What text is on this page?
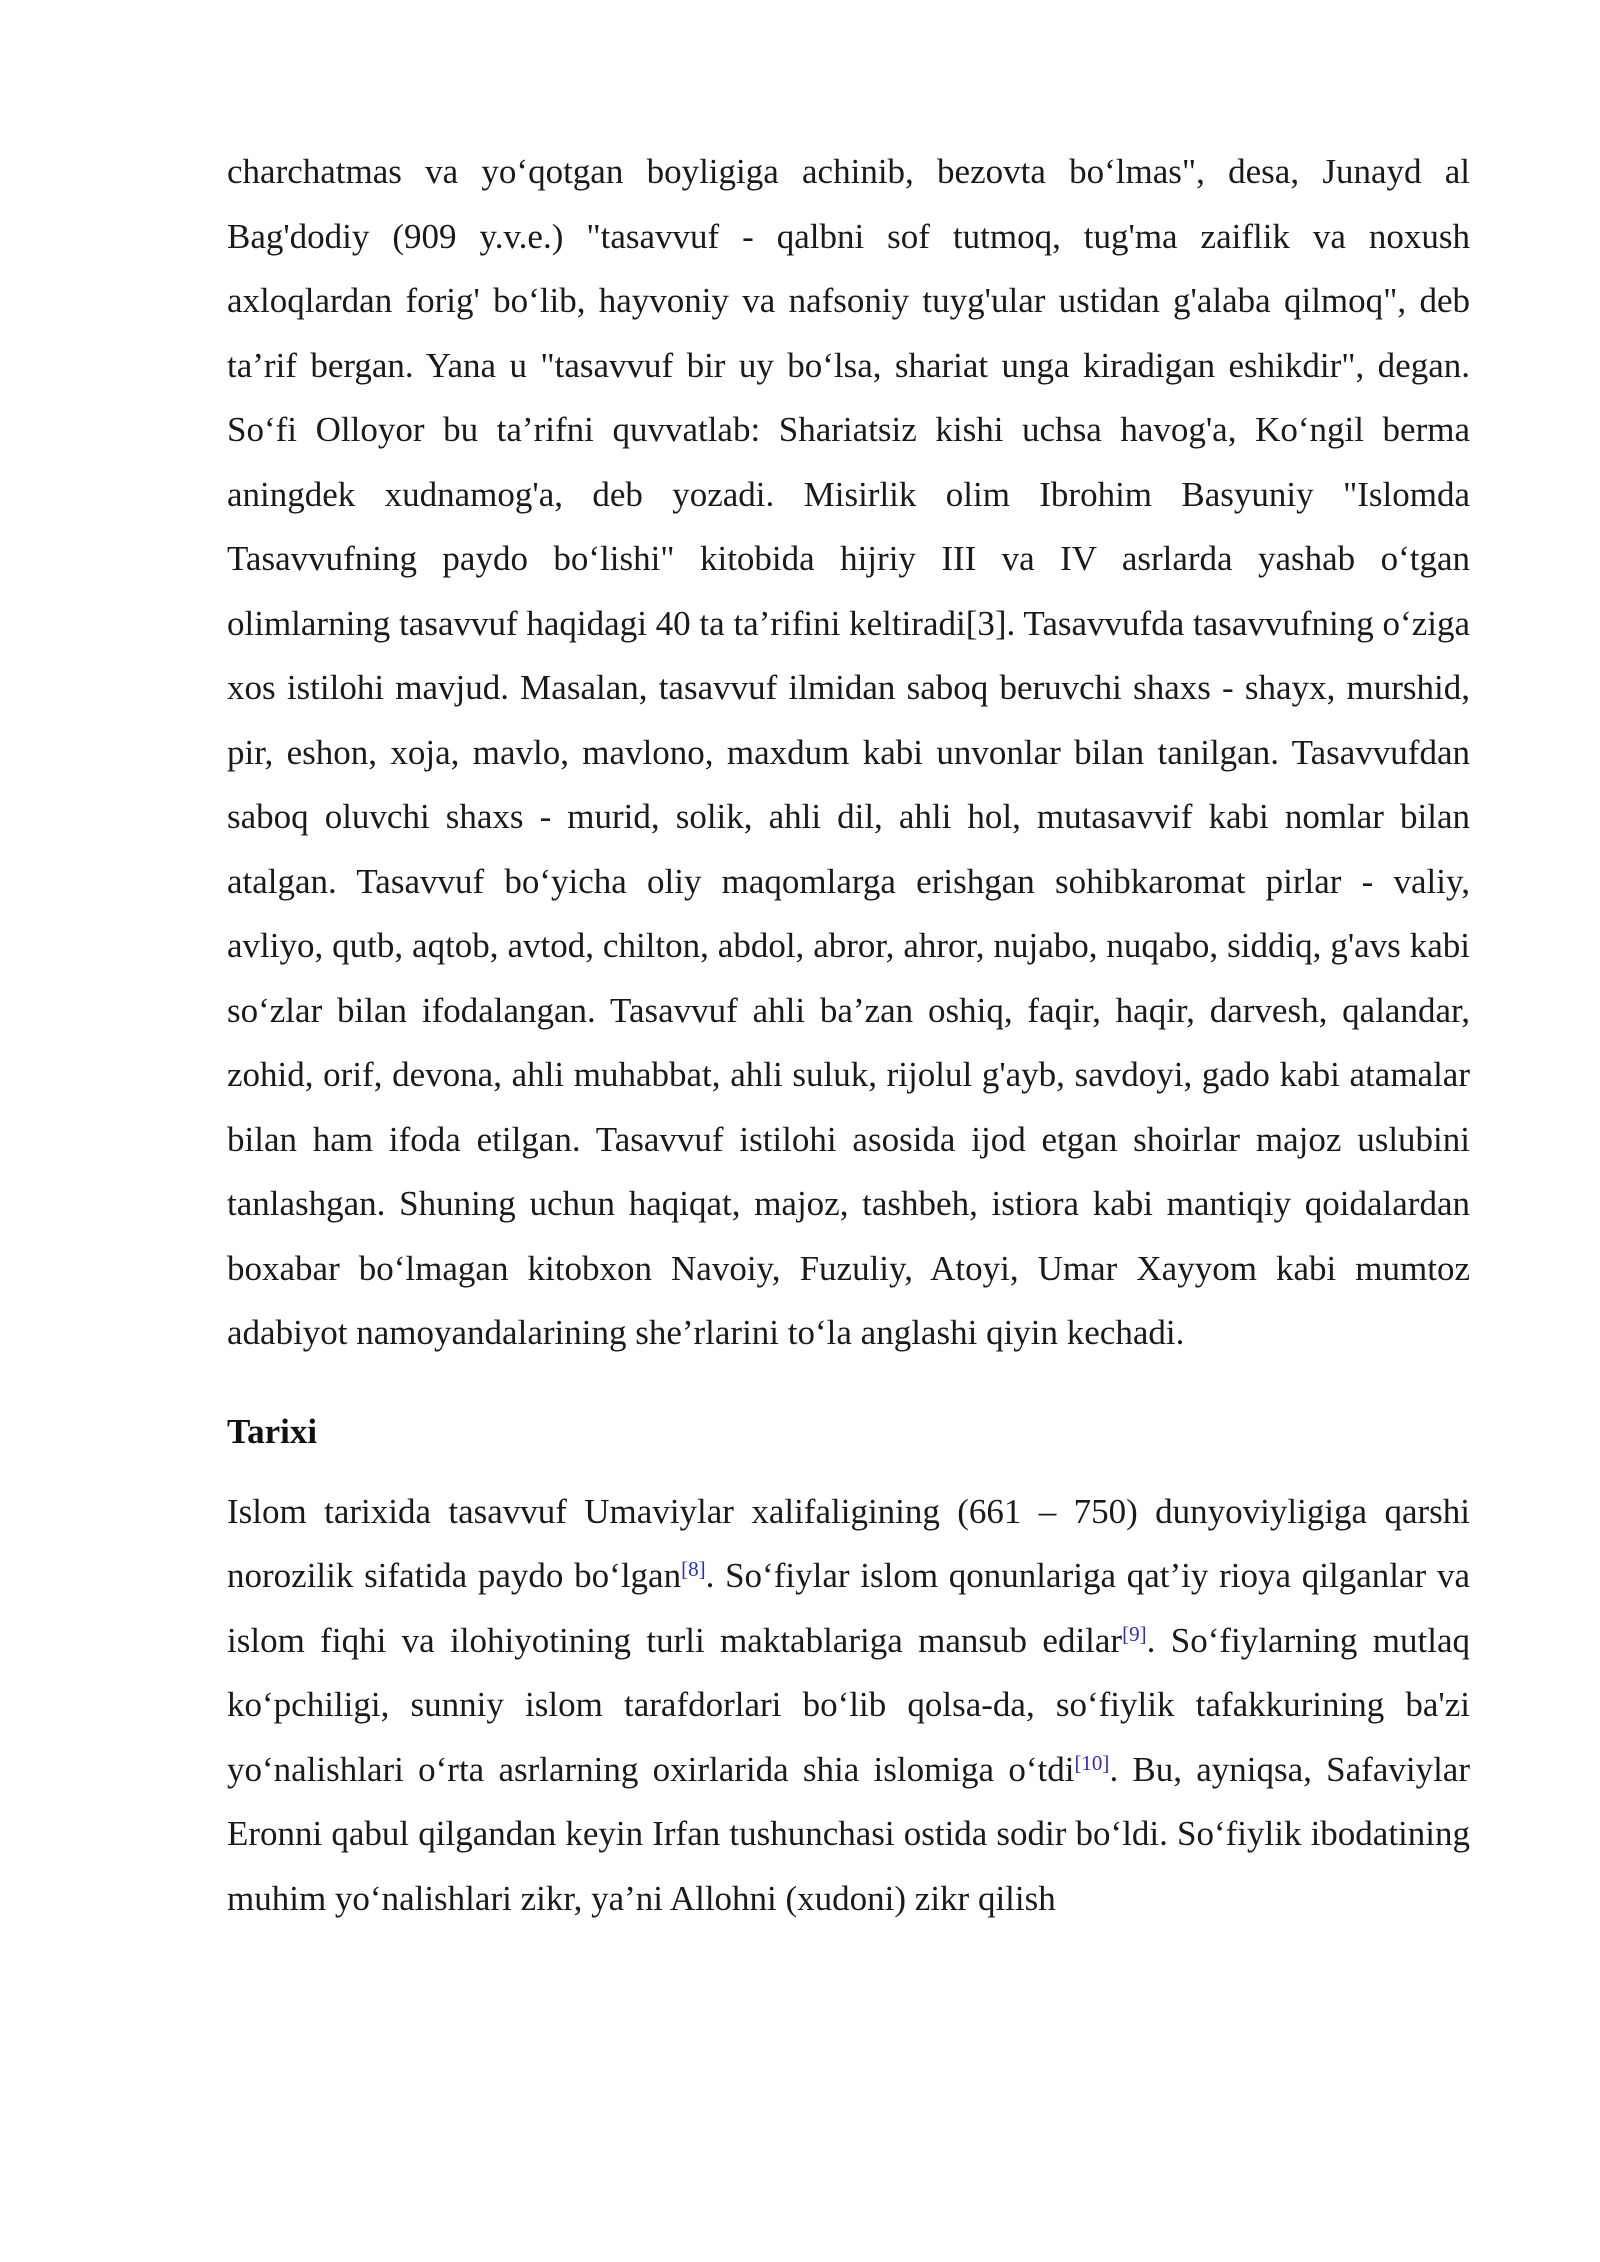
charchatmas va yo‘qotgan boyligiga achinib, bezovta bo‘lmas", desa, Junayd al Bag'dodiy (909 y.v.e.) "tasavvuf - qalbni sof tutmoq, tug'ma zaiflik va noxush axloqlardan forig' bo‘lib, hayvoniy va nafsoniy tuyg'ular ustidan g'alaba qilmoq", deb ta’rif bergan. Yana u "tasavvuf bir uy bo‘lsa, shariat unga kiradigan eshikdir", degan. So‘fi Olloyor bu ta’rifni quvvatlab: Shariatsiz kishi uchsa havog'a, Ko‘ngil berma aningdek xudnamog'a, deb yozadi. Misirlik olim Ibrohim Basyuniy "Islomda Tasavvufning paydo bo‘lishi" kitobida hijriy III va IV asrlarda yashab o‘tgan olimlarning tasavvuf haqidagi 40 ta ta’rifini keltiradi[3]. Tasavvufda tasavvufning o‘ziga xos istilohi mavjud. Masalan, tasavvuf ilmidan saboq beruvchi shaxs - shayx, murshid, pir, eshon, xoja, mavlo, mavlono, maxdum kabi unvonlar bilan tanilgan. Tasavvufdan saboq oluvchi shaxs - murid, solik, ahli dil, ahli hol, mutasavvif kabi nomlar bilan atalgan. Tasavvuf bo‘yicha oliy maqomlarga erishgan sohibkaromat pirlar - valiy, avliyo, qutb, aqtob, avtod, chilton, abdol, abror, ahror, nujabo, nuqabo, siddiq, g'avs kabi so‘zlar bilan ifodalangan. Tasavvuf ahli ba’zan oshiq, faqir, haqir, darvesh, qalandar, zohid, orif, devona, ahli muhabbat, ahli suluk, rijolul g'ayb, savdoyi, gado kabi atamalar bilan ham ifoda etilgan. Tasavvuf istilohi asosida ijod etgan shoirlar majoz uslubini tanlashgan. Shuning uchun haqiqat, majoz, tashbeh, istiora kabi mantiqiy qoidalardan boxabar bo‘lmagan kitobxon Navoiy, Fuzuliy, Atoyi, Umar Xayyom kabi mumtoz adabiyot namoyandalarining she’rlarini to‘la anglashi qiyin kechadi.

Tarixi

Islom tarixida tasavvuf Umaviylar xalifaligining (661 – 750) dunyoviyligiga qarshi norozilik sifatida paydo bo‘lgan[8]. So‘fiylar islom qonunlariga qat’iy rioya qilganlar va islom fiqhi va ilohiyotining turli maktablariga mansub edilar[9]. So‘fiylarning mutlaq ko‘pchiligi, sunniy islom tarafdorlari bo‘lib qolsa-da, so‘fiylik tafakkurining ba'zi yo‘nalishlari o‘rta asrlarning oxirlarida shia islomiga o‘tdi[10]. Bu, ayniqsa, Safaviylar Eronni qabul qilgandan keyin Irfan tushunchasi ostida sodir bo‘ldi. So‘fiylik ibodatining muhim yo‘nalishlari zikr, ya’ni Allohni (xudoni) zikr qilish
